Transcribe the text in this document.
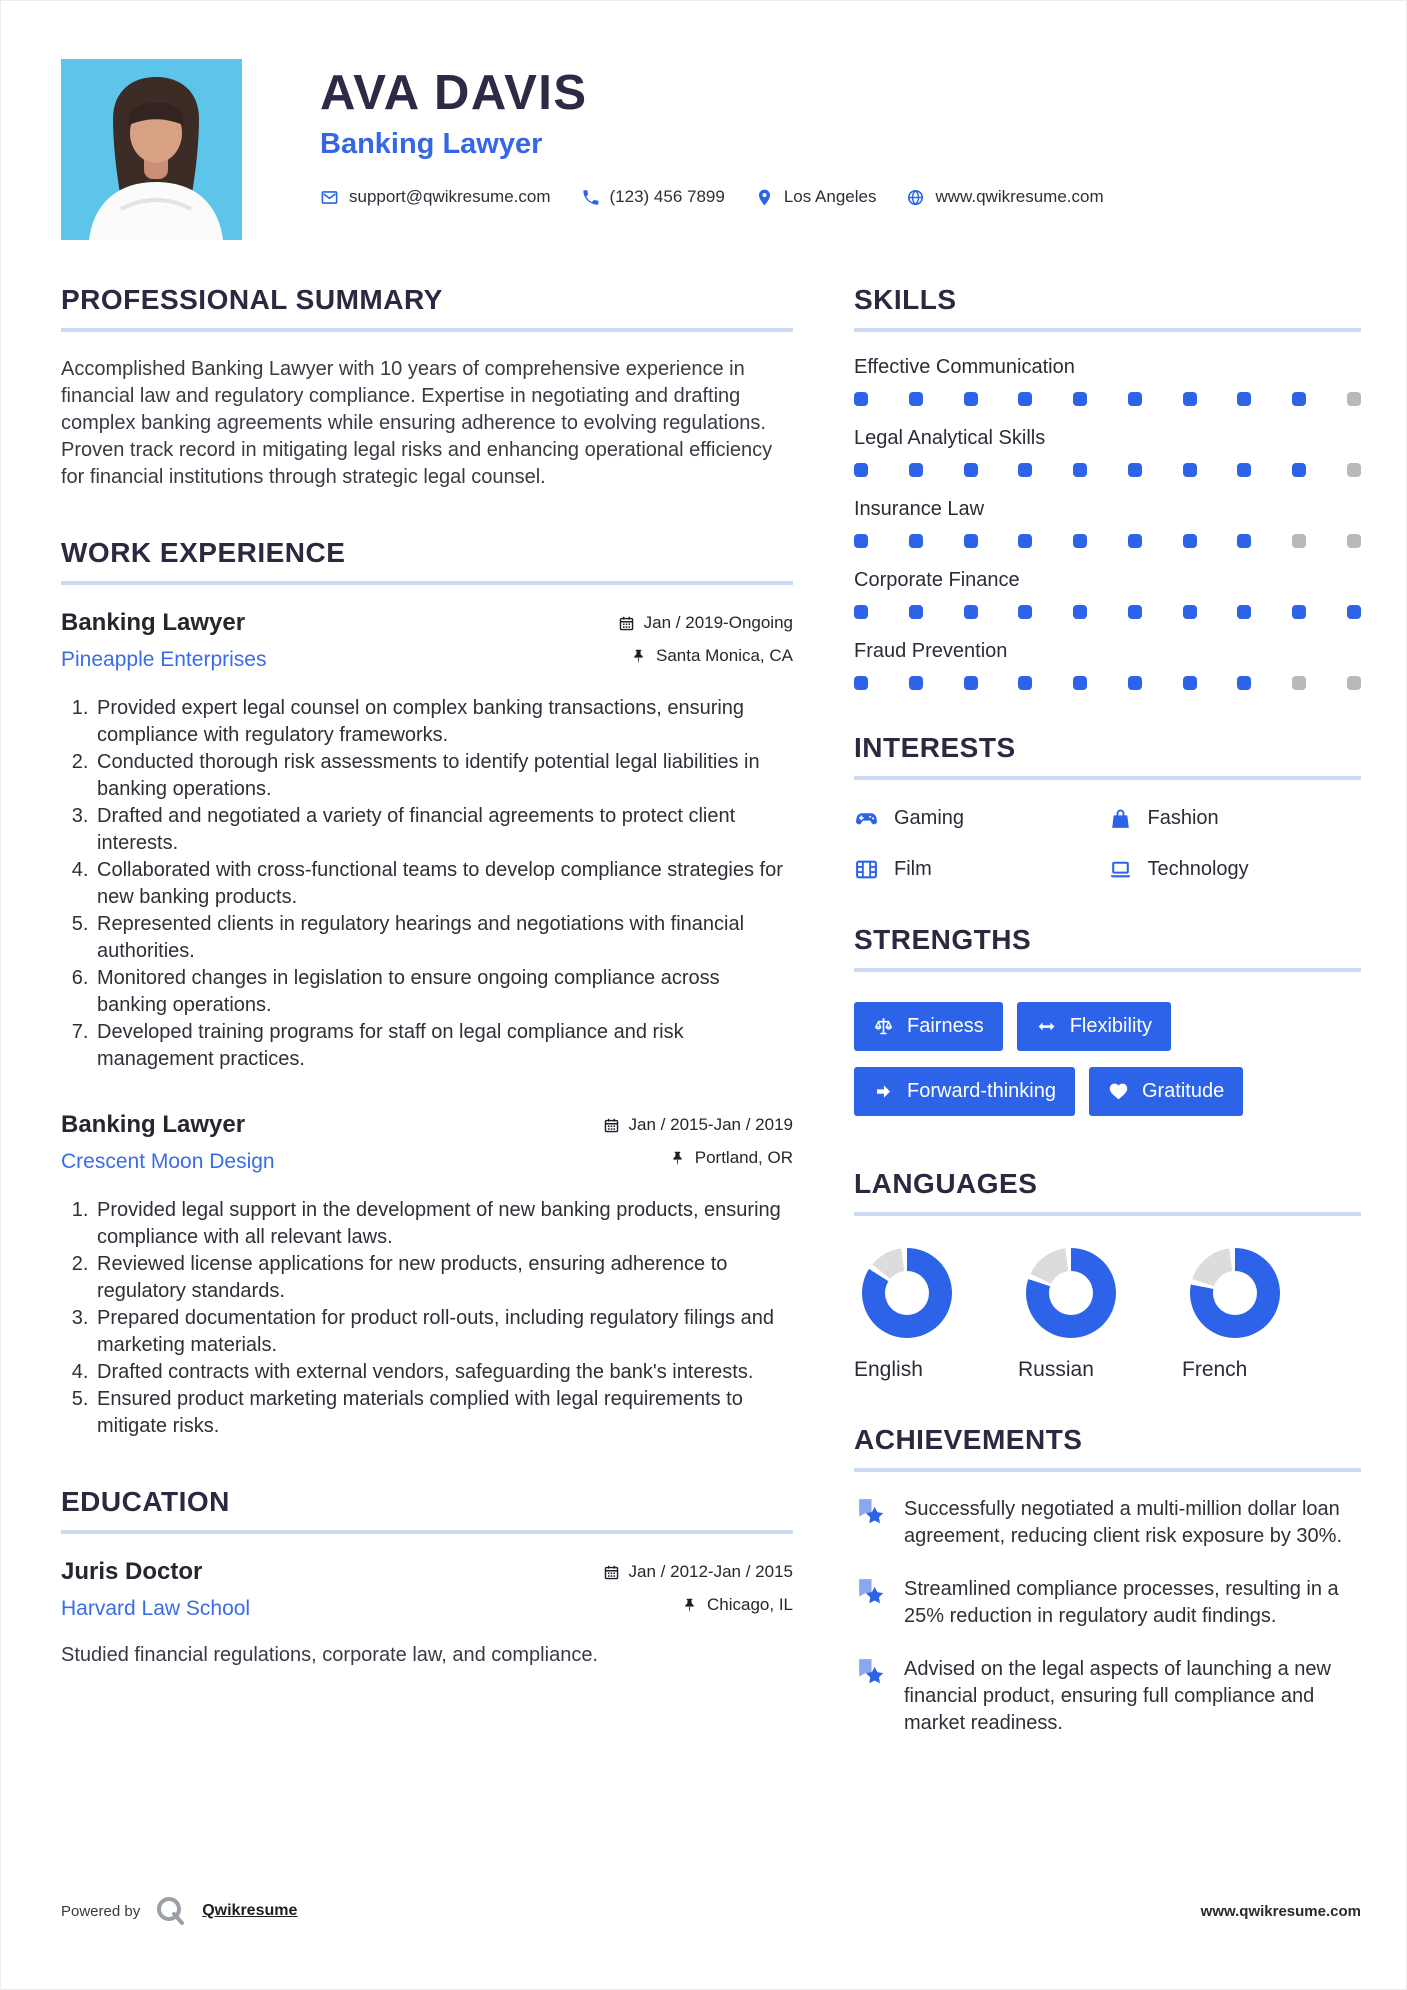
AVA DAVIS
Banking Lawyer
support@qwikresume.com	(123) 456 7899	Los Angeles	www.qwikresume.com
PROFESSIONAL SUMMARY

Accomplished Banking Lawyer with 10 years of comprehensive experience in financial law and regulatory compliance. Expertise in negotiating and drafting complex banking agreements while ensuring adherence to evolving regulations. Proven track record in mitigating legal risks and enhancing operational efficiency for financial institutions through strategic legal counsel.

WORK EXPERIENCE
Banking Lawyer
Pineapple Enterprises
Jan / 2019-Ongoing
Santa Monica, CA
1. Provided expert legal counsel on complex banking transactions, ensuring compliance with regulatory frameworks.
2. Conducted thorough risk assessments to identify potential legal liabilities in banking operations.
3. Drafted and negotiated a variety of financial agreements to protect client interests.
4. Collaborated with cross-functional teams to develop compliance strategies for new banking products.
5. Represented clients in regulatory hearings and negotiations with financial authorities.
6. Monitored changes in legislation to ensure ongoing compliance across banking operations.
7. Developed training programs for staff on legal compliance and risk management practices.
Banking Lawyer
Crescent Moon Design
Jan / 2015-Jan / 2019
Portland, OR
1. Provided legal support in the development of new banking products, ensuring compliance with all relevant laws.
2. Reviewed license applications for new products, ensuring adherence to regulatory standards.
3. Prepared documentation for product roll-outs, including regulatory filings and marketing materials.
4. Drafted contracts with external vendors, safeguarding the bank's interests.
5. Ensured product marketing materials complied with legal requirements to mitigate risks.
EDUCATION
Juris Doctor
Harvard Law School
Jan / 2012-Jan / 2015
Chicago, IL
Studied financial regulations, corporate law, and compliance.
SKILLS
Effective Communication
Legal Analytical Skills
Insurance Law
Corporate Finance
Fraud Prevention
INTERESTS
Gaming	Fashion
Film	Technology
STRENGTHS
Fairness	Flexibility
Forward-thinking	Gratitude
LANGUAGES
English	Russian	French
ACHIEVEMENTS
Successfully negotiated a multi-million dollar loan agreement, reducing client risk exposure by 30%.
Streamlined compliance processes, resulting in a 25% reduction in regulatory audit findings.
Advised on the legal aspects of launching a new financial product, ensuring full compliance and market readiness.
Powered by	Qwikresume	www.qwikresume.com
